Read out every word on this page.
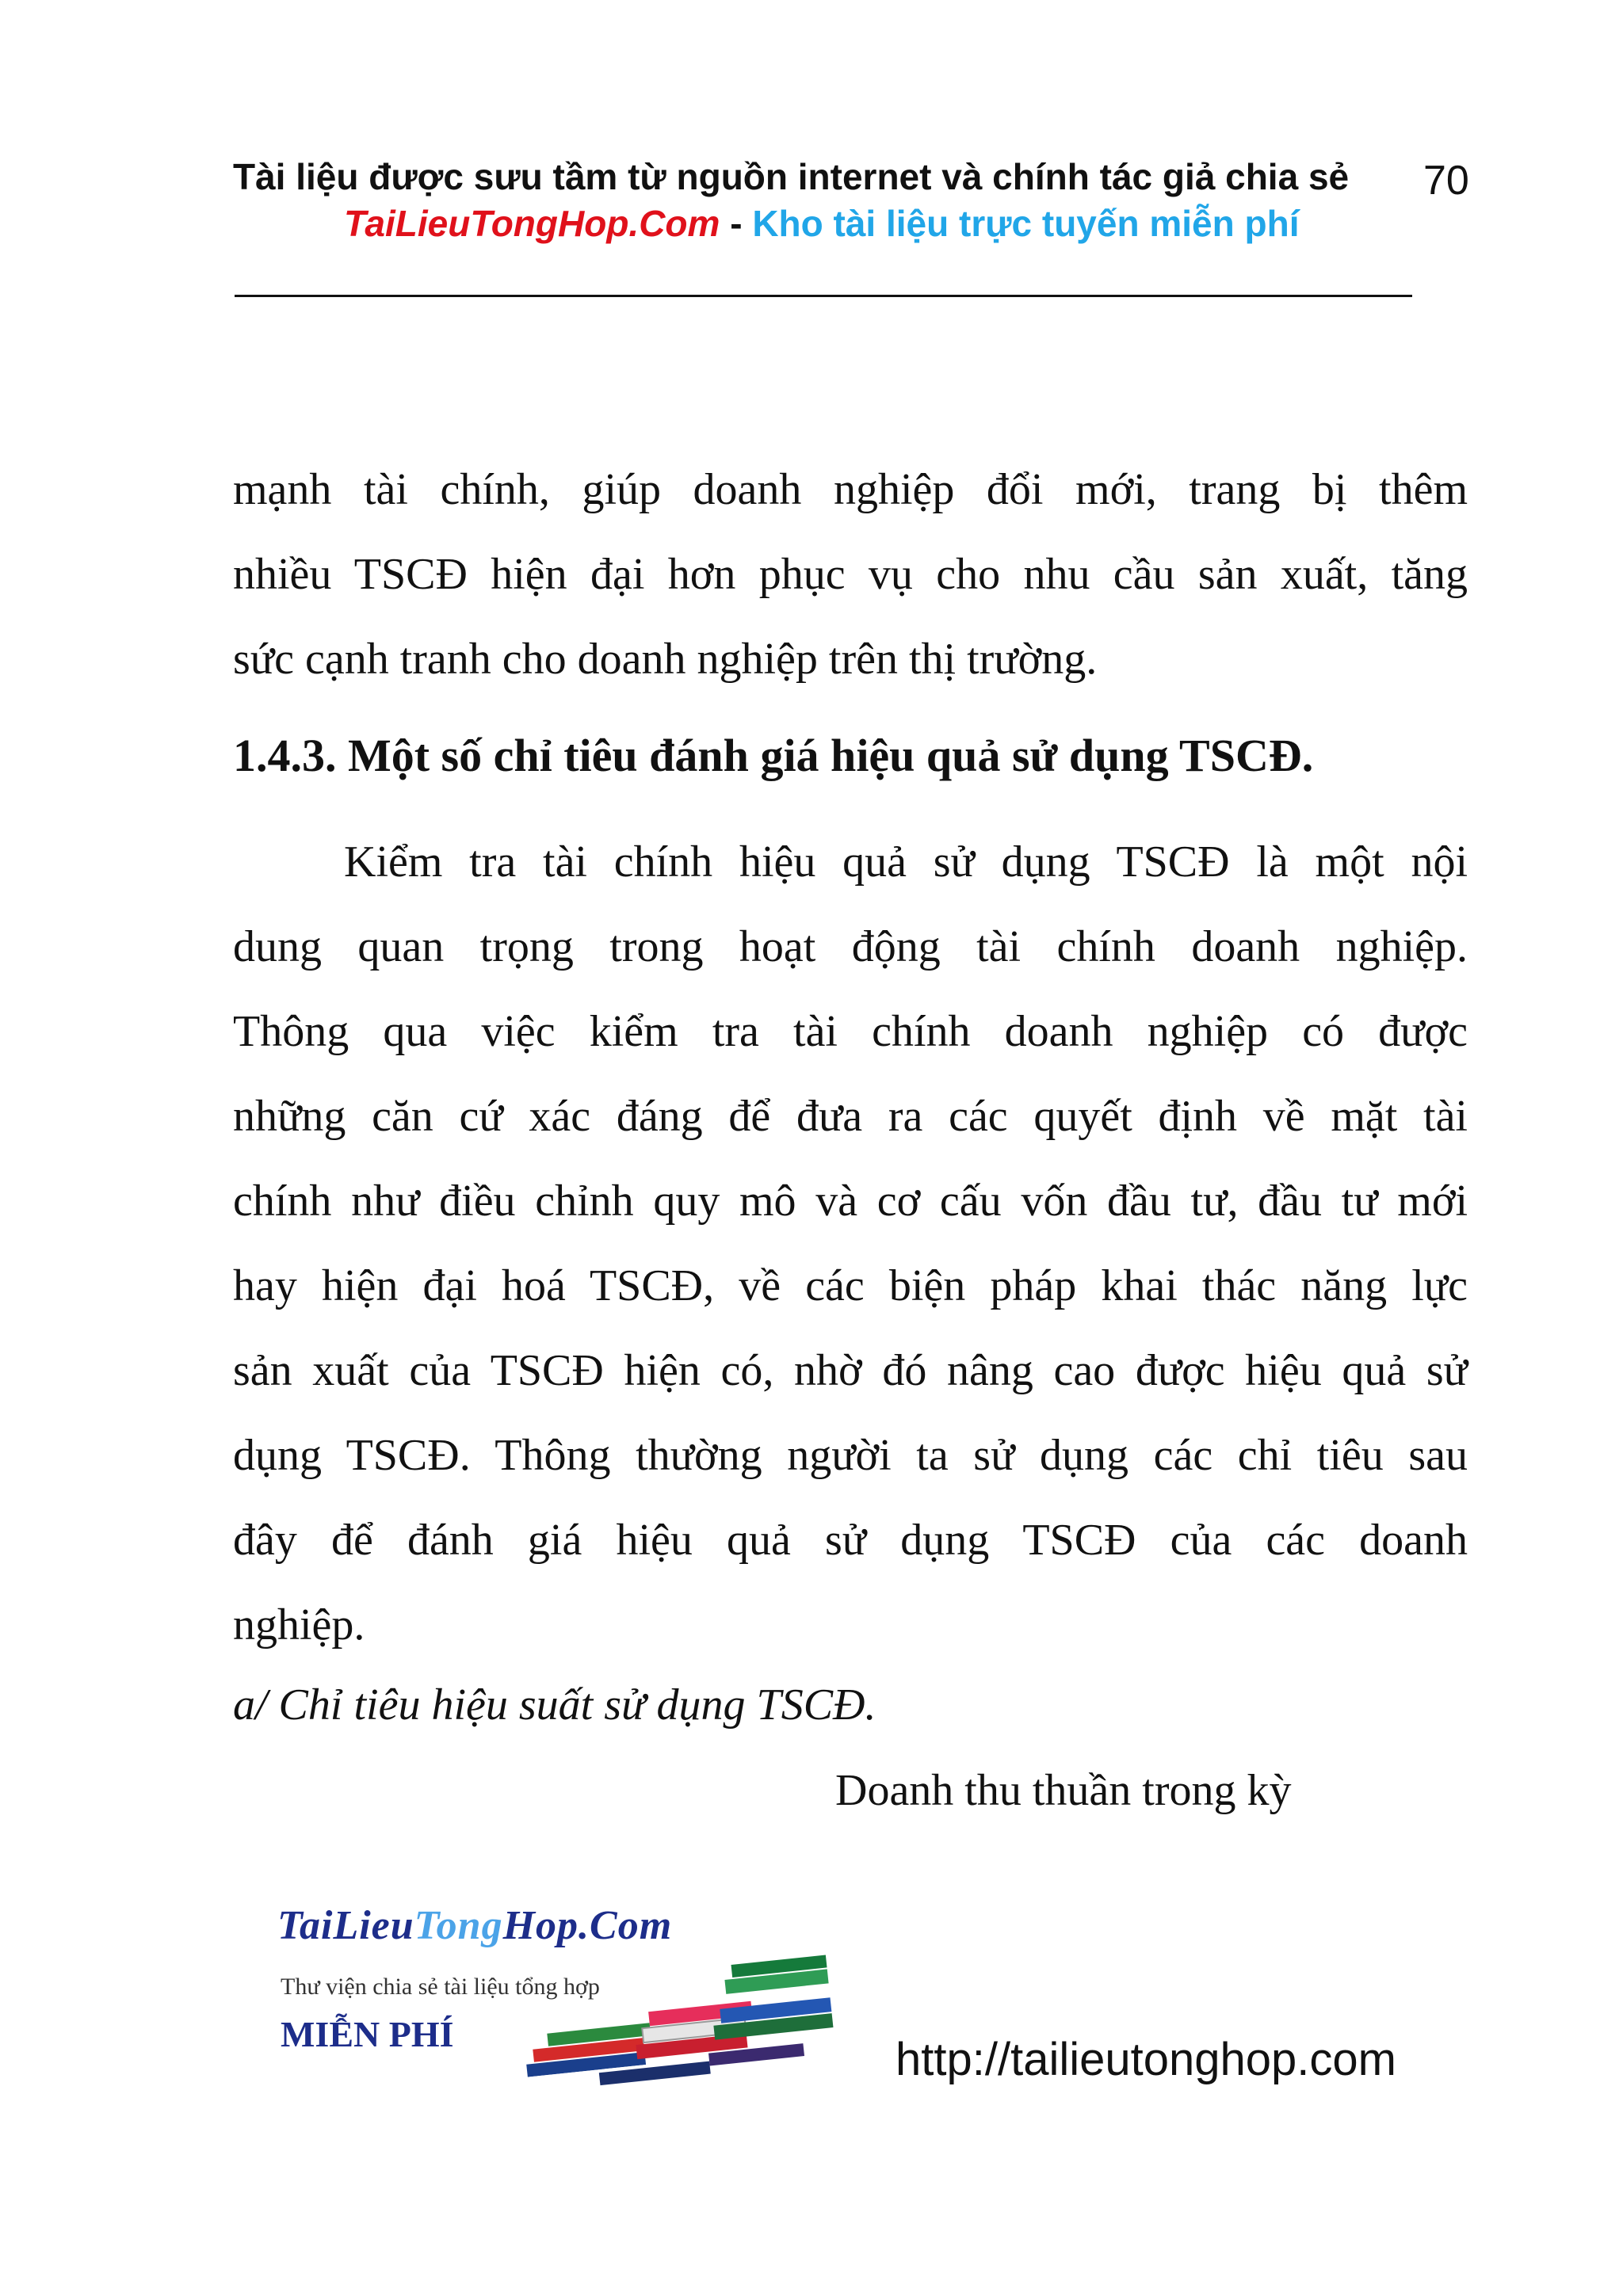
Tài liệu được sưu tầm từ nguồn internet và chính tác giả chia sẻ 70
TaiLieuTongHop.Com - Kho tài liệu trực tuyến miễn phí

mạnh tài chính, giúp doanh nghiệp đổi mới, trang bị thêm

nhiều TSCĐ hiện đại hơn phục vụ cho nhu cầu sản xuất, tăng

sức cạnh tranh cho doanh nghiệp trên thị trường.

1.4.3. Một số chỉ tiêu đánh giá hiệu quả sử dụng TSCĐ.

Kiểm tra tài chính hiệu quả sử dụng TSCĐ là một nội

dung quan trọng trong hoạt động tài chính doanh nghiệp.

Thông qua việc kiểm tra tài chính doanh nghiệp có được

những căn cứ xác đáng để đưa ra các quyết định về mặt tài

chính như điều chỉnh quy mô và cơ cấu vốn đầu tư, đầu tư mới

hay hiện đại hoá TSCĐ, về các biện pháp khai thác năng lực

sản xuất của TSCĐ hiện có, nhờ đó nâng cao được hiệu quả sử

dụng TSCĐ. Thông thường người ta sử dụng các chỉ tiêu sau

đây để đánh giá hiệu quả sử dụng TSCĐ của các doanh

nghiệp.

a/ Chỉ tiêu hiệu suất sử dụng TSCĐ.
Doanh thu thuần trong kỳ
TaiLieuTongHop.Com
Thư viện chia sẻ tài liệu tổng hợp
MIỄN PHÍ	http://tailieutonghop.com
